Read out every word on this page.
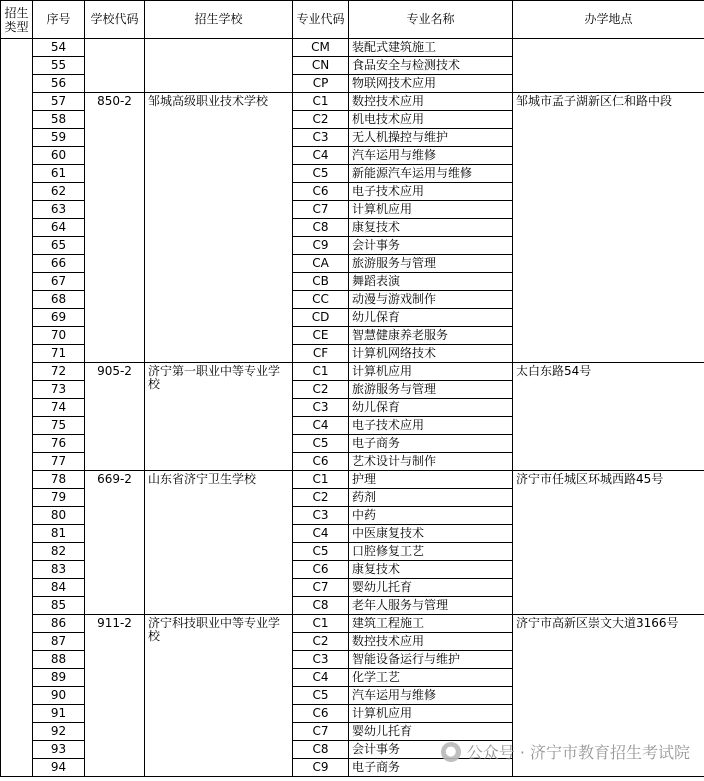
招生类型	序号	学校代码	招生学校	专业代码	专业名称	办学地点
	54			CM	装配式建筑施工	
	55			CN	食品安全与检测技术	
	56			CP	物联网技术应用	
	57	850-2	邹城高级职业技术学校	C1	数控技术应用	邹城市孟子湖新区仁和路中段
	58			C2	机电技术应用	
	59			C3	无人机操控与维护	
	60			C4	汽车运用与维修	
	61			C5	新能源汽车运用与维修	
	62			C6	电子技术应用	
	63			C7	计算机应用	
	64			C8	康复技术	
	65			C9	会计事务	
	66			CA	旅游服务与管理	
	67			CB	舞蹈表演	
	68			CC	动漫与游戏制作	
	69			CD	幼儿保育	
	70			CE	智慧健康养老服务	
	71			CF	计算机网络技术	
	72	905-2	济宁第一职业中等专业学校	C1	计算机应用	太白东路54号
	73			C2	旅游服务与管理	
	74			C3	幼儿保育	
	75			C4	电子技术应用	
	76			C5	电子商务	
	77			C6	艺术设计与制作	
	78	669-2	山东省济宁卫生学校	C1	护理	济宁市任城区环城西路45号
	79			C2	药剂	
	80			C3	中药	
	81			C4	中医康复技术	
	82			C5	口腔修复工艺	
	83			C6	康复技术	
	84			C7	婴幼儿托育	
	85			C8	老年人服务与管理	
	86	911-2	济宁科技职业中等专业学校	C1	建筑工程施工	济宁市高新区崇文大道3166号
	87			C2	数控技术应用	
	88			C3	智能设备运行与维护	
	89			C4	化学工艺	
	90			C5	汽车运用与维修	
	91			C6	计算机应用	
	92			C7	婴幼儿托育	
	93			C8	会计事务	
	94			C9	电子商务	
● 公众号 · 济宁市教育招生考试院
